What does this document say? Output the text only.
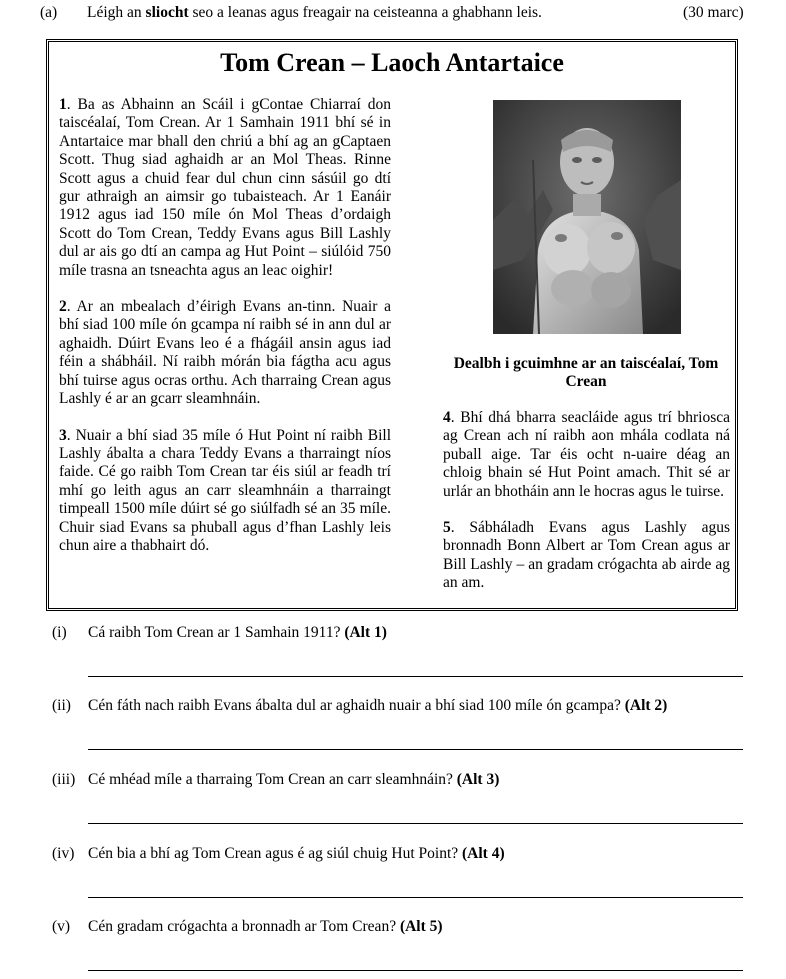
(a) Léigh an sliocht seo a leanas agus freagair na ceisteanna a ghabhann leis.	(30 marc)
Tom Crean – Laoch Antartaice

1. Ba as Abhainn an Scáil i gContae Chiarraí don taiscéalaí, Tom Crean. Ar 1 Samhain 1911 bhí sé in Antartaice mar bhall den chriú a bhí ag an gCaptaen Scott. Thug siad aghaidh ar an Mol Theas. Rinne Scott agus a chuid fear dul chun cinn sásúil go dtí gur athraigh an aimsir go tubaisteach. Ar 1 Eanáir 1912 agus iad 150 míle ón Mol Theas d’ordaigh Scott do Tom Crean, Teddy Evans agus Bill Lashly dul ar ais go dtí an campa ag Hut Point – siúlóid 750 míle trasna an tsneachta agus an leac oighir!

2. Ar an mbealach d’éirigh Evans an-tinn. Nuair a bhí siad 100 míle ón gcampa ní raibh sé in ann dul ar aghaidh. Dúirt Evans leo é a fhágáil ansin agus iad féin a shábháil. Ní raibh mórán bia fágtha acu agus bhí tuirse agus ocras orthu. Ach tharraing Crean agus Lashly é ar an gcarr sleamhnáin.

3. Nuair a bhí siad 35 míle ó Hut Point ní raibh Bill Lashly ábalta a chara Teddy Evans a tharraingt níos faide. Cé go raibh Tom Crean tar éis siúl ar feadh trí mhí go leith agus an carr sleamhnáin a tharraingt timpeall 1500 míle dúirt sé go siúlfadh sé an 35 míle. Chuir siad Evans sa phuball agus d’fhan Lashly leis chun aire a thabhairt dó.

Dealbh i gcuimhne ar an taiscéalaí, Tom Crean

4. Bhí dhá bharra seacláide agus trí bhriosca ag Crean ach ní raibh aon mhála codlata ná puball aige. Tar éis ocht n-uaire déag an chloig bhain sé Hut Point amach. Thit sé ar urlár an bhotháin ann le hocras agus le tuirse.

5. Sábháladh Evans agus Lashly agus bronnadh Bonn Albert ar Tom Crean agus ar Bill Lashly – an gradam crógachta ab airde ag an am.

(i) Cá raibh Tom Crean ar 1 Samhain 1911? (Alt 1)
(ii) Cén fáth nach raibh Evans ábalta dul ar aghaidh nuair a bhí siad 100 míle ón gcampa? (Alt 2)
(iii) Cé mhéad míle a tharraing Tom Crean an carr sleamhnáin? (Alt 3)
(iv) Cén bia a bhí ag Tom Crean agus é ag siúl chuig Hut Point? (Alt 4)
(v) Cén gradam crógachta a bronnadh ar Tom Crean? (Alt 5)
